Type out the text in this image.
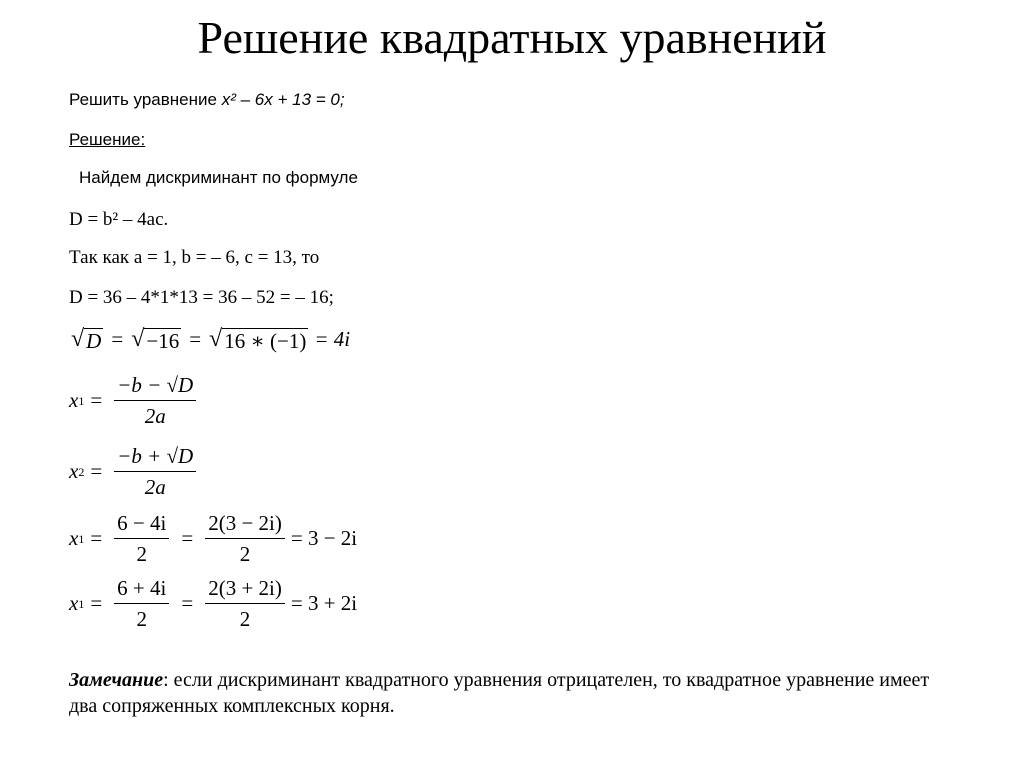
Решение квадратных уравнений
Решить уравнение x² – 6x + 13 = 0;
Решение:
Найдем дискриминант по формуле
D = b² – 4ac.
Так как a = 1, b = – 6, c = 13, то
D = 36 – 4*1*13 = 36 – 52 = – 16;
√ D = √ −16 = √ 16 ∗ (−1) = 4i
x $1 = \frac{-b - √D}{2a}$
x $2 = \frac{-b + √D}{2a}$
x $1 = \frac{6 - 4i}{2} = \frac{2(3 - 2i)}{2} = 3 - 2i$
x $1 = \frac{6 + 4i}{2} = \frac{2(3 + 2i)}{2} = 3 + 2i$
Замечание: если дискриминант квадратного уравнения отрицателен, то квадратное уравнение имеет два сопряженных комплексных корня.
